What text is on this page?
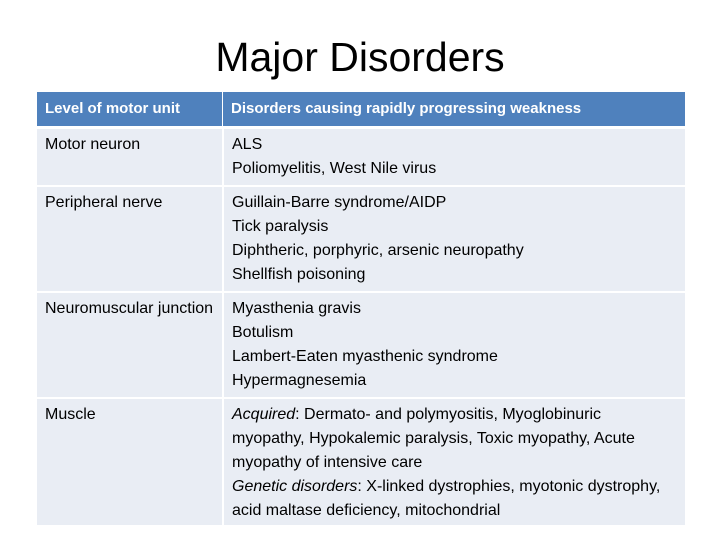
Major Disorders
Level of motor unit	Disorders causing rapidly progressing weakness
Motor neuron	ALS
Poliomyelitis, West Nile virus

Peripheral nerve	Guillain-Barre syndrome/AIDP
Tick paralysis
Diphtheric, porphyric, arsenic neuropathy
Shellfish poisoning

Neuromuscular junction	Myasthenia gravis
Botulism
Lambert-Eaten myasthenic syndrome
Hypermagnesemia

Muscle	Acquired: Dermato- and polymyositis, Myoglobinuric myopathy, Hypokalemic paralysis, Toxic myopathy, Acute myopathy of intensive care
Genetic disorders: X-linked dystrophies, myotonic dystrophy, acid maltase deficiency, mitochondrial
